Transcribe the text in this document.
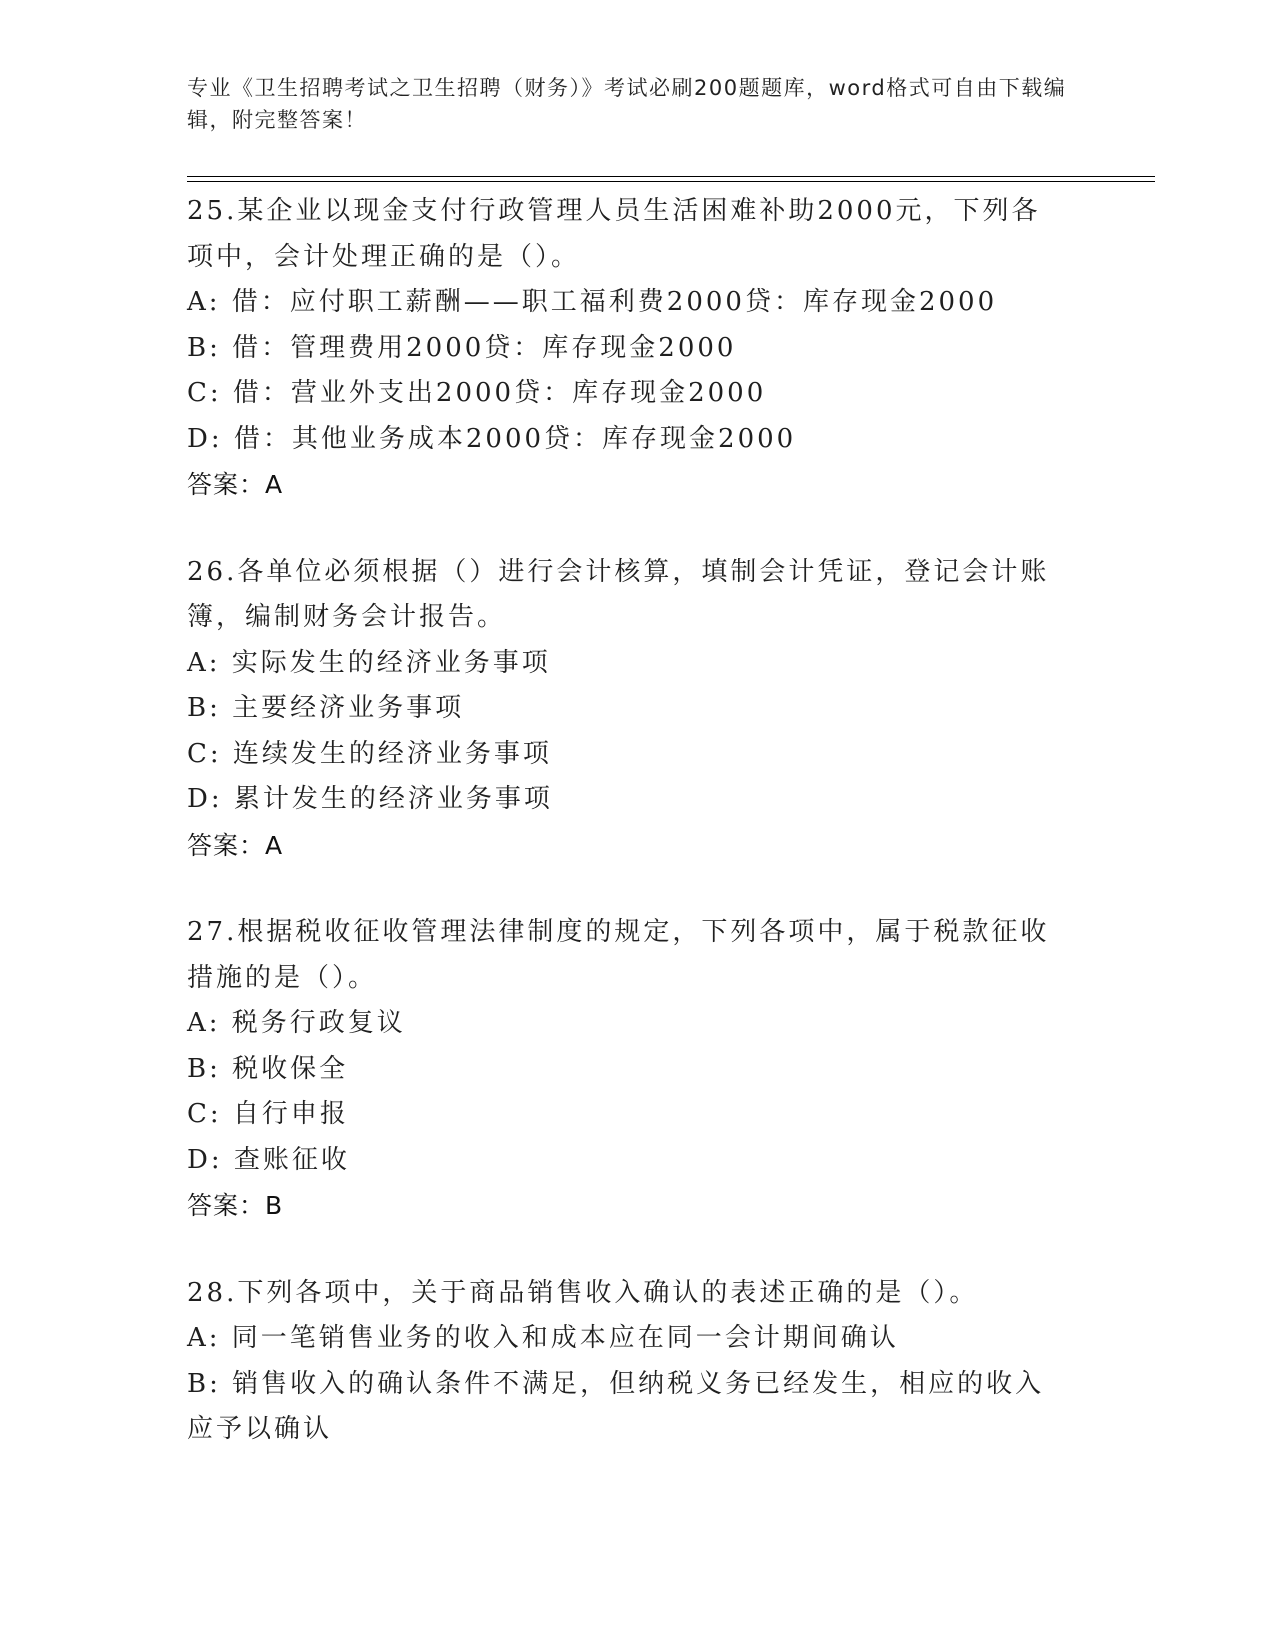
专业《卫生招聘考试之卫生招聘（财务）》考试必刷200题题库，word格式可自由下载编辑，附完整答案！
25.某企业以现金支付行政管理人员生活困难补助2000元，下列各项中，会计处理正确的是（）。
A: 借：应付职工薪酬——职工福利费2000贷：库存现金2000
B: 借：管理费用2000贷：库存现金2000
C: 借：营业外支出2000贷：库存现金2000
D: 借：其他业务成本2000贷：库存现金2000
答案：A
26.各单位必须根据（）进行会计核算，填制会计凭证，登记会计账簿，编制财务会计报告。
A: 实际发生的经济业务事项
B: 主要经济业务事项
C: 连续发生的经济业务事项
D: 累计发生的经济业务事项
答案：A
27.根据税收征收管理法律制度的规定，下列各项中，属于税款征收措施的是（）。
A: 税务行政复议
B: 税收保全
C: 自行申报
D: 查账征收
答案：B
28.下列各项中，关于商品销售收入确认的表述正确的是（）。
A: 同一笔销售业务的收入和成本应在同一会计期间确认
B: 销售收入的确认条件不满足，但纳税义务已经发生，相应的收入应予以确认
